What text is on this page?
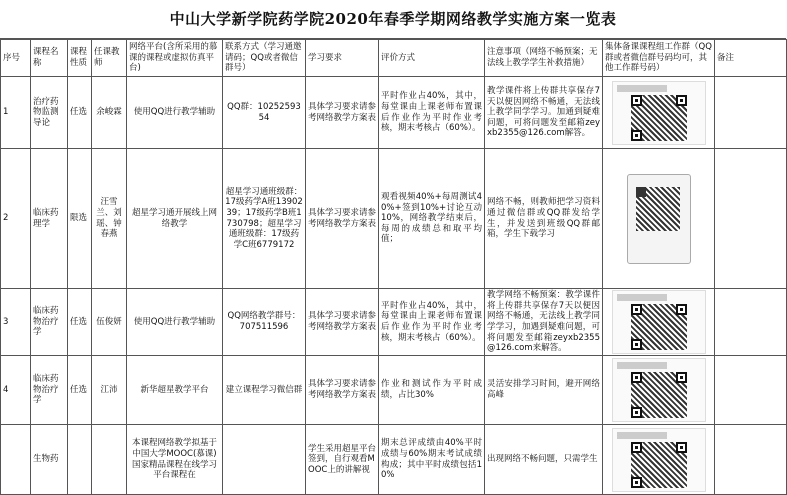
中山大学新学院药学院2020年春季学期网络教学实施方案一览表
序号	课程名称	课程性质	任课教师	网络平台(含所采用的慕课的课程或虚拟仿真平台)	联系方式（学习通邀请码；QQ或者微信群号）	学习要求	评价方式	注意事项（网络不畅预案；无法线上教学学生补救措施）	集体备课课程组工作群（QQ群或者微信群号码均可，其他工作群号码）	备注
1	治疗药物监测导论	任选	余峻霖	使用QQ进行教学辅助	QQ群：1025259354	具体学习要求请参考网络教学方案表	平时作业占40%，其中，每堂课由上课老师布置课后作业作为平时作业考核，期末考核占（60%）。	教学课件将上传群共享保存7天以便因网络不畅通，无法线上教学同学学习。加通到疑难问题，可将问题发至邮箱zeyxb2355@126.com解答。	

2	临床药理学	限选	汪雪兰、刘瑶、钟春燕	超星学习通开展线上网络教学	超星学习通班级群：17级药学A班1390239；17级药学B班1730798；超星学习通班级群：17级药学C班6779172	具体学习要求请参考网络教学方案表	观看视频40%+每周测试40%+签到10%+讨论互动10%，网络教学结束后，每周的成绩总和取平均值；	网络不畅，则教师把学习资料通过微信群或QQ群发给学生，并发送到班级QQ群邮箱，学生下载学习	

3	临床药物治疗学	任选	伍俊妍	使用QQ进行教学辅助	QQ网络教学群号：707511596	具体学习要求请参考网络教学方案表	平时作业占40%，其中，每堂课由上课老师布置课后作业作为平时作业考核，期末考核占（60%）。	教学网络不畅预案：教学课件将上传群共享保存7天以便因网络不畅通，无法线上教学同学学习，加遇到疑难问题，可将问题发至邮箱zeyxb2355@126.com来解答。	

4	临床药物治疗学	任选	江沛	新华超星教学平台	建立课程学习微信群	具体学习要求请参考网络教学方案表	作业和测试作为平时成绩，占比30%	灵活安排学习时间，避开网络高峰	

	生物药			本课程网络教学拟基于中国大学MOOC(慕课)国家精品课程在线学习平台课程在		学生采用超星平台签到，自行观看MOOC上的讲解视	期末总评成绩由40%平时成绩与60%期末考试成绩构成；其中平时成绩包括10%	出现网络不畅问题，只需学生	
